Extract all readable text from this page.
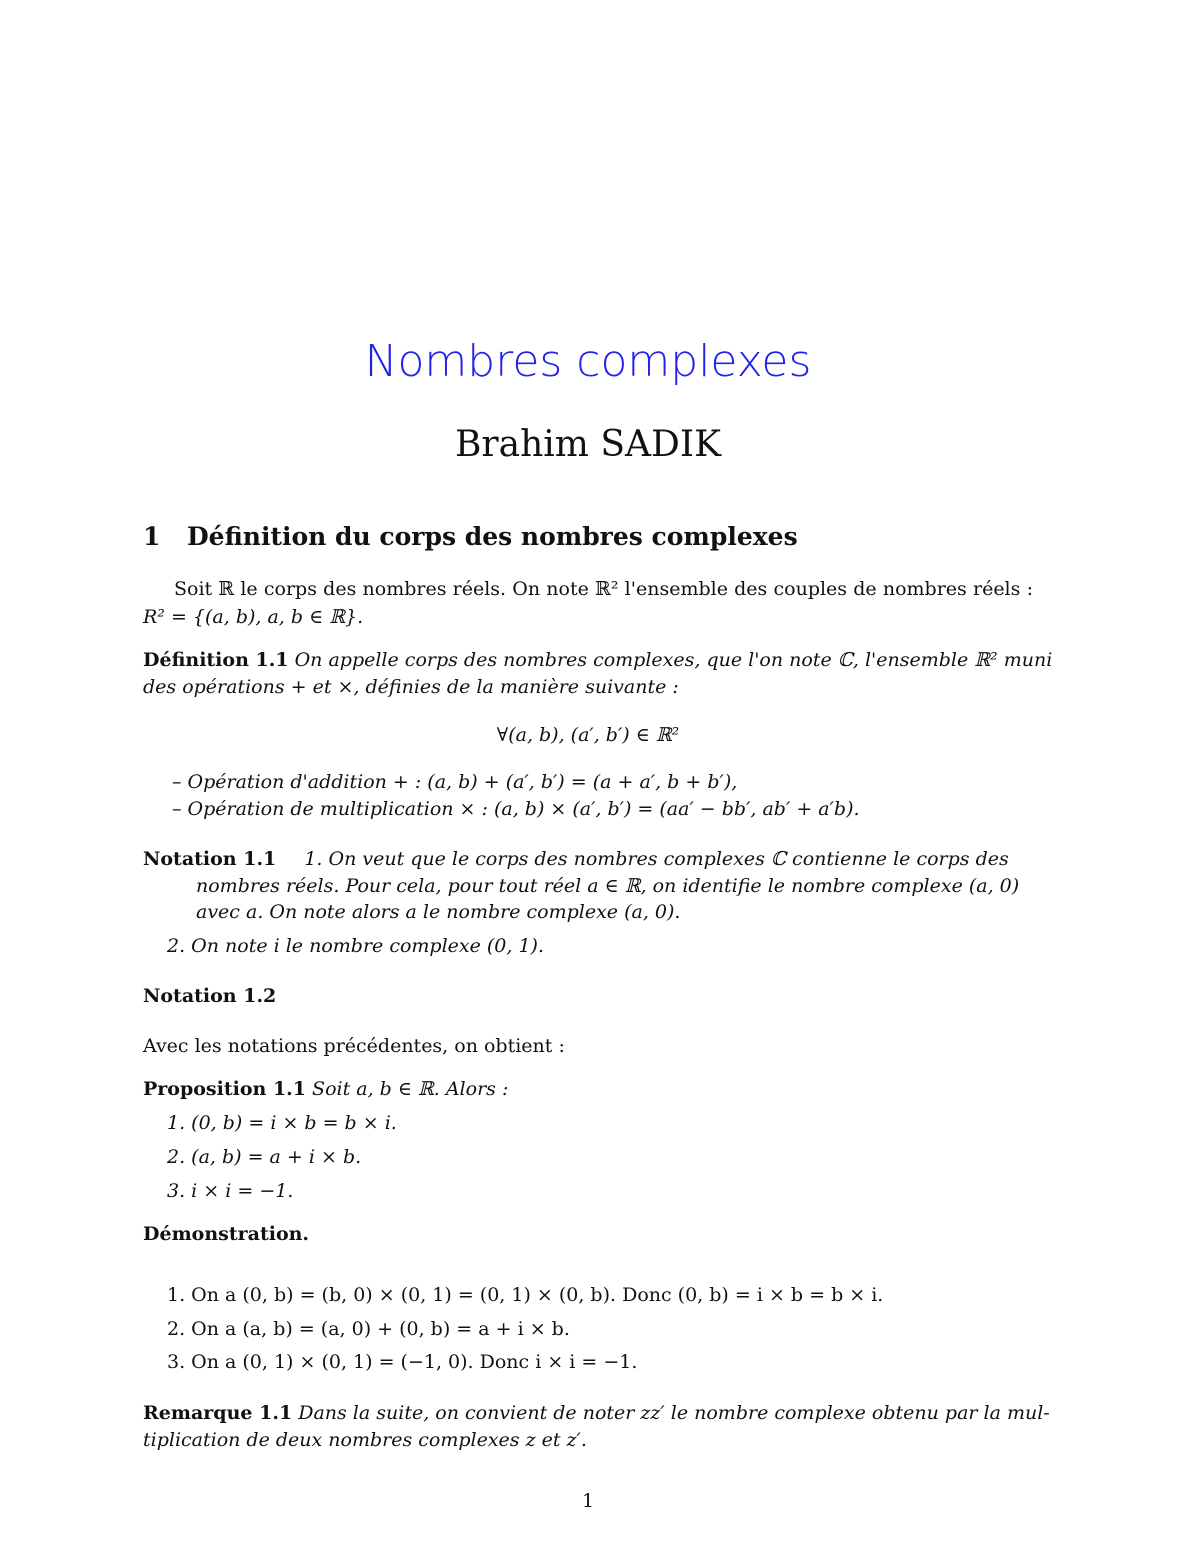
Nombres complexes
Brahim SADIK
1 Définition du corps des nombres complexes
Soit ℝ le corps des nombres réels. On note ℝ² l'ensemble des couples de nombres réels :
R² = {(a, b), a, b ∈ ℝ}.
Définition 1.1 On appelle corps des nombres complexes, que l'on note ℂ, l'ensemble ℝ² muni
des opérations + et ×, définies de la manière suivante :
∀(a, b), (a′, b′) ∈ ℝ²
– Opération d'addition + : (a, b) + (a′, b′) = (a + a′, b + b′),
– Opération de multiplication × : (a, b) × (a′, b′) = (aa′ − bb′, ab′ + a′b).
Notation 1.1 1. On veut que le corps des nombres complexes ℂ contienne le corps des
nombres réels. Pour cela, pour tout réel a ∈ ℝ, on identifie le nombre complexe (a, 0)
avec a. On note alors a le nombre complexe (a, 0).
2. On note i le nombre complexe (0, 1).
Notation 1.2
Avec les notations précédentes, on obtient :
Proposition 1.1 Soit a, b ∈ ℝ. Alors :
1. (0, b) = i × b = b × i.
2. (a, b) = a + i × b.
3. i × i = −1.
Démonstration.
1. On a (0, b) = (b, 0) × (0, 1) = (0, 1) × (0, b). Donc (0, b) = i × b = b × i.
2. On a (a, b) = (a, 0) + (0, b) = a + i × b.
3. On a (0, 1) × (0, 1) = (−1, 0). Donc i × i = −1.
Remarque 1.1 Dans la suite, on convient de noter zz′ le nombre complexe obtenu par la mul-
tiplication de deux nombres complexes z et z′.
1
